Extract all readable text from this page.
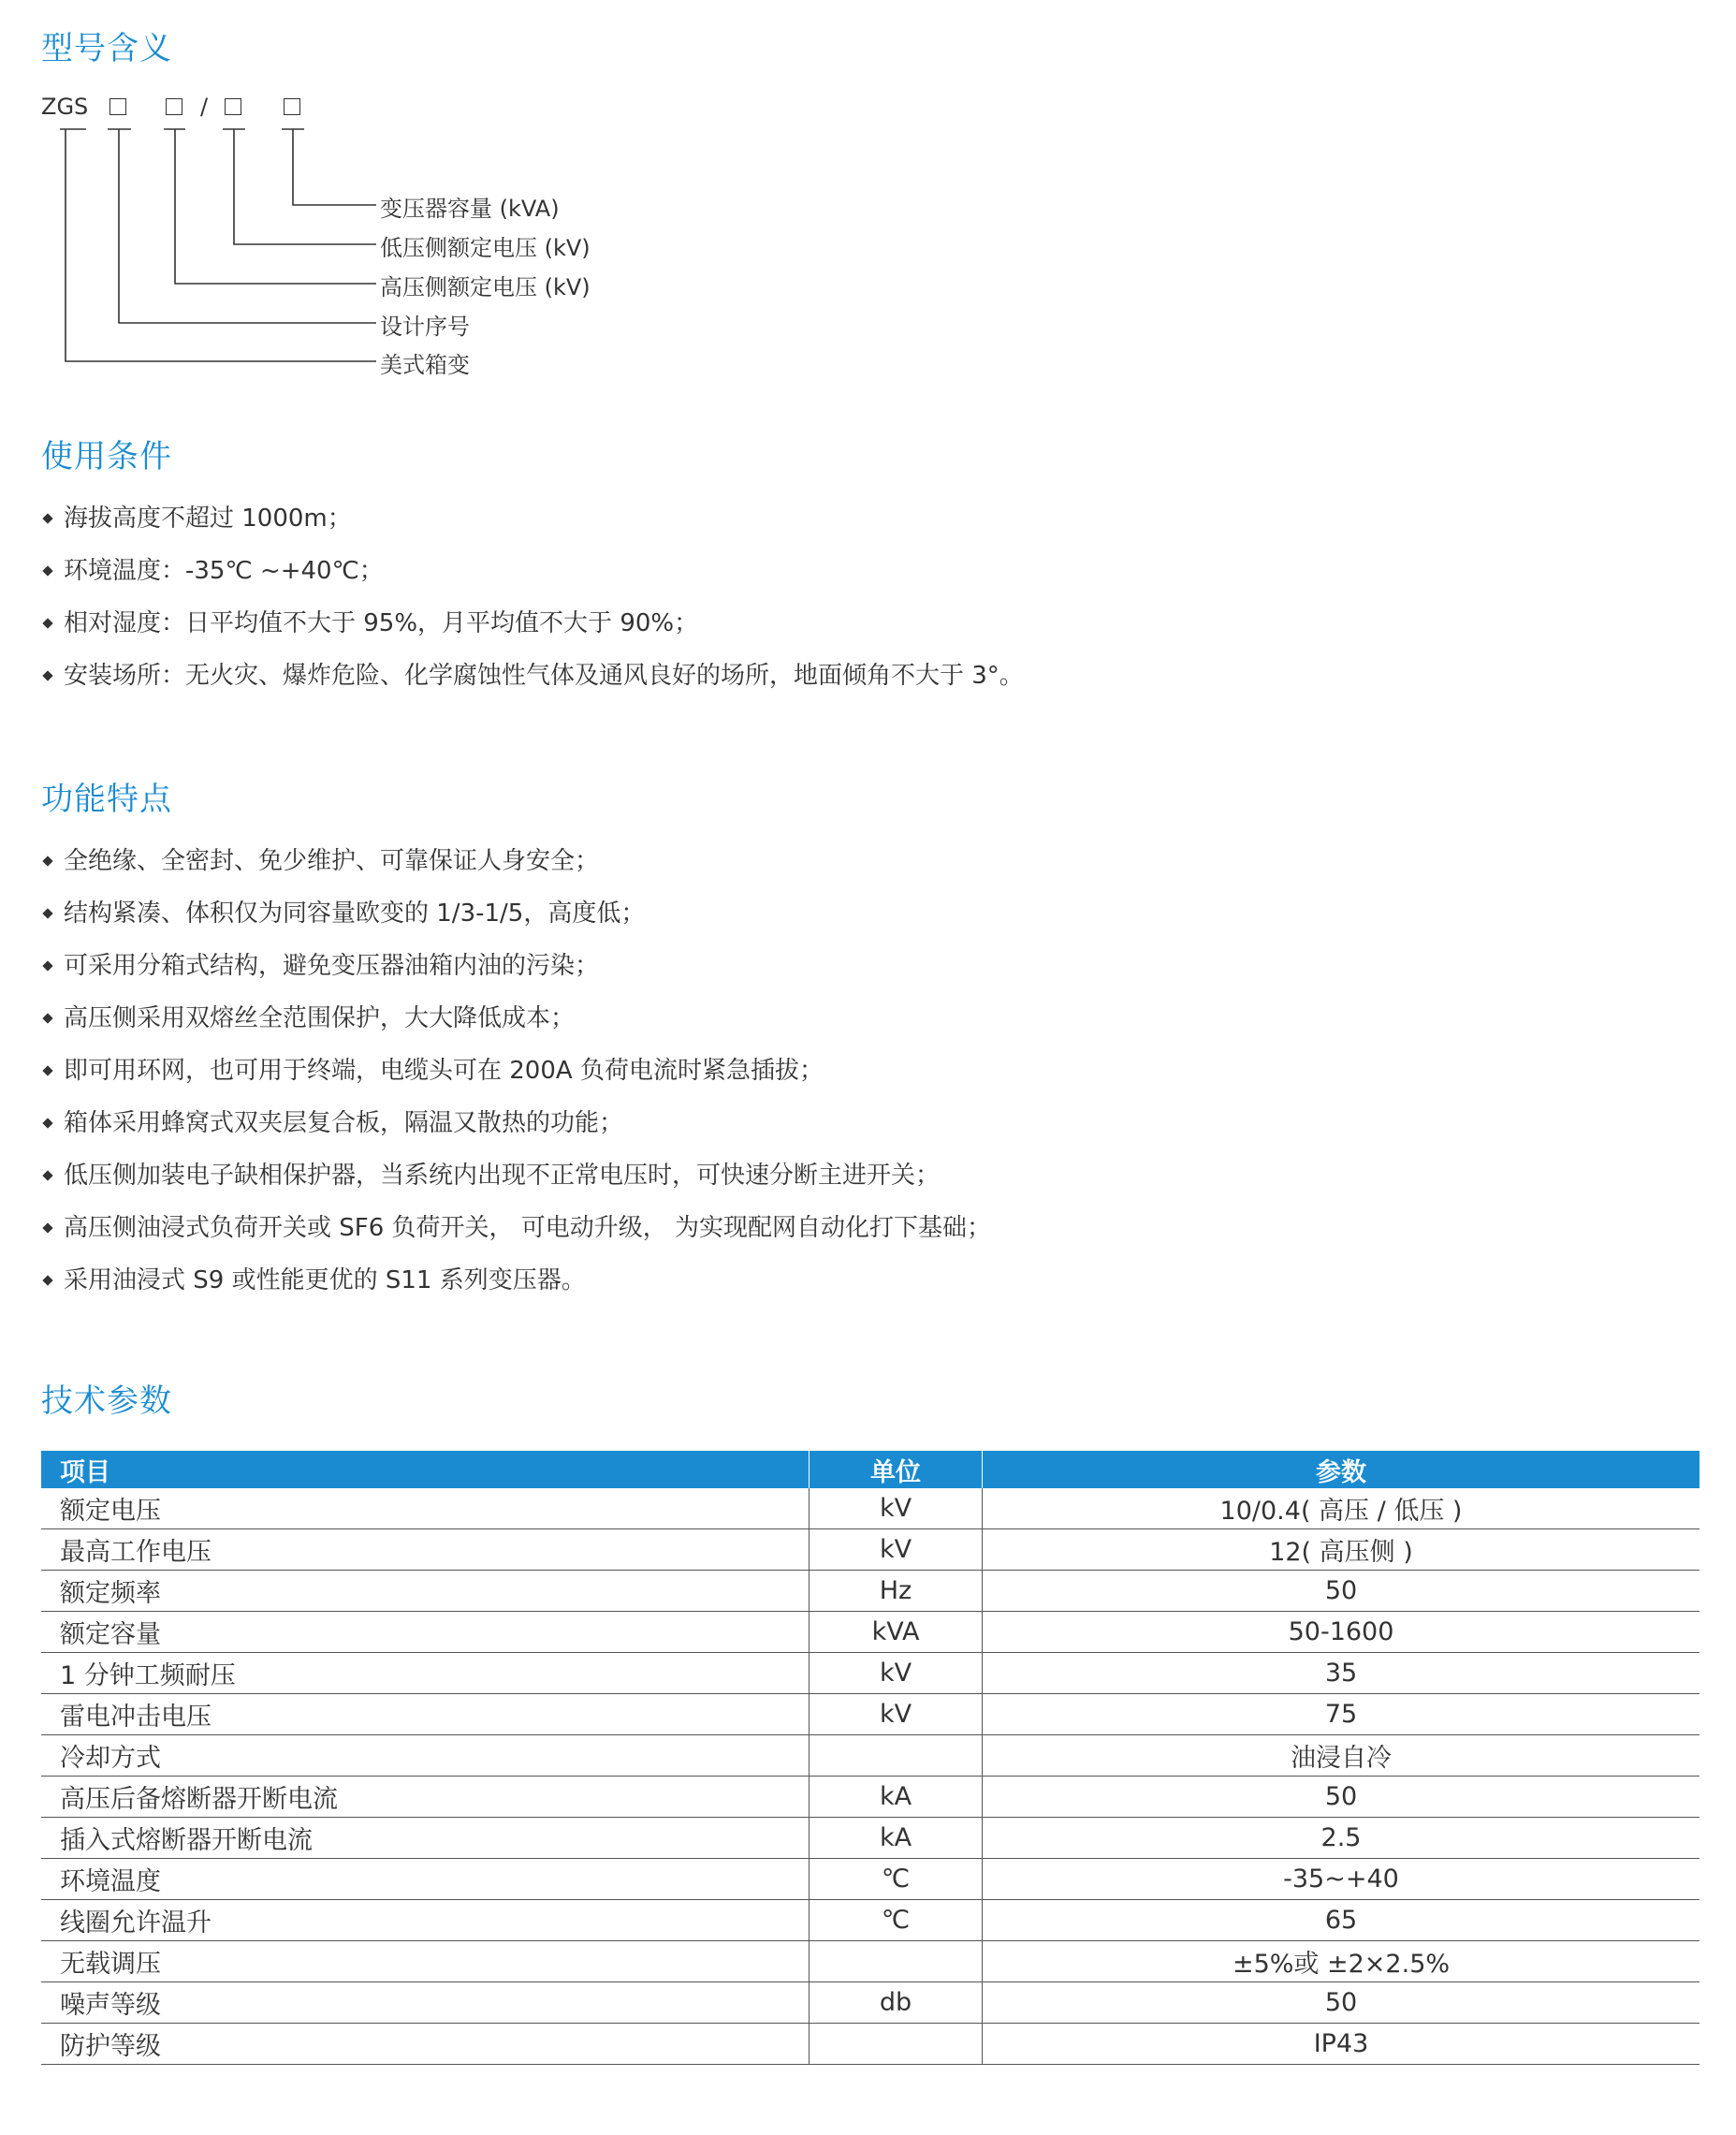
型号含义
ZGS	/
变压器容量 (kVA)
低压侧额定电压 (kV)
高压侧额定电压 (kV)
设计序号
美式箱变
使用条件
海拔高度不超过 1000m；
环境温度：-35℃ ~+40℃；
相对湿度：日平均值不大于 95%，月平均值不大于 90%；
安装场所：无火灾、爆炸危险、化学腐蚀性气体及通风良好的场所，地面倾角不大于 3°。
功能特点
全绝缘、全密封、免少维护、可靠保证人身安全；
结构紧凑、体积仅为同容量欧变的 1/3-1/5，高度低；
可采用分箱式结构，避免变压器油箱内油的污染；
高压侧采用双熔丝全范围保护，大大降低成本；
即可用环网，也可用于终端，电缆头可在 200A 负荷电流时紧急插拔；
箱体采用蜂窝式双夹层复合板，隔温又散热的功能；
低压侧加装电子缺相保护器，当系统内出现不正常电压时，可快速分断主进开关；
高压侧油浸式负荷开关或 SF6 负荷开关， 可电动升级， 为实现配网自动化打下基础；
采用油浸式 S9 或性能更优的 S11 系列变压器。
技术参数
项目	单位	参数
额定电压	kV	10/0.4( 高压 / 低压 )
最高工作电压	kV	12( 高压侧 )
额定频率	Hz	50
额定容量	kVA	50-1600
1 分钟工频耐压	kV	35
雷电冲击电压	kV	75
冷却方式		油浸自冷
高压后备熔断器开断电流	kA	50
插入式熔断器开断电流	kA	2.5
环境温度	℃	-35~+40
线圈允许温升	℃	65
无载调压		±5%或 ±2×2.5%
噪声等级	db	50
防护等级		IP43
